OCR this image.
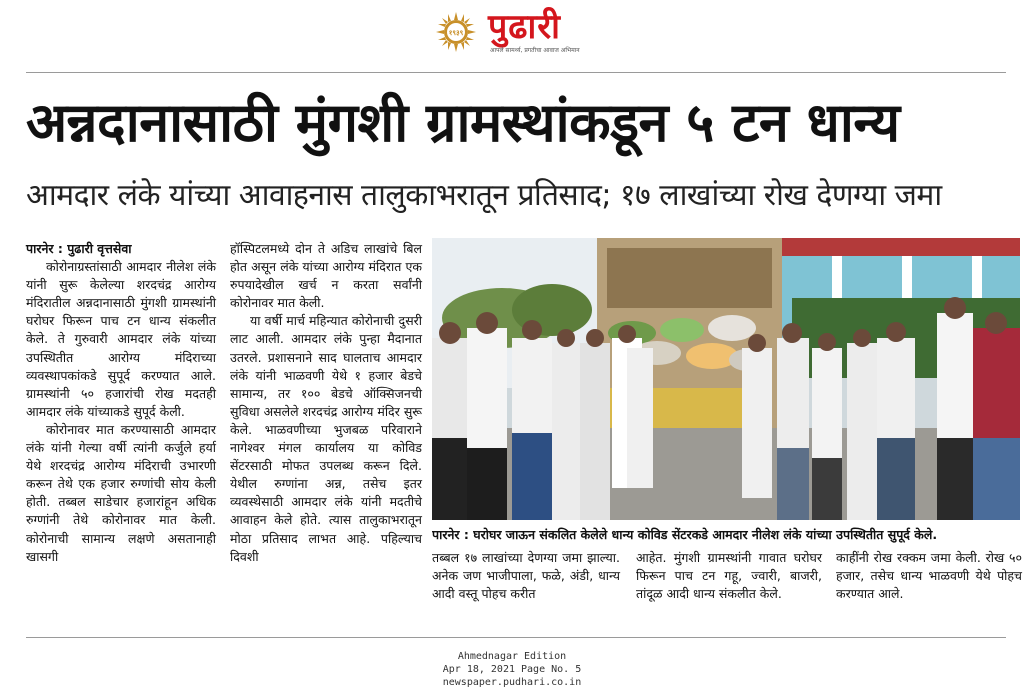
१९३९ पुढारी
आपले सामर्थ्य, प्रगतीचा आवाज अभिमान
अन्नदानासाठी मुंगशी ग्रामस्थांकडून ५ टन धान्य
आमदार लंके यांच्या आवाहनास तालुकाभरातून प्रतिसाद; १७ लाखांच्या रोख देणग्या जमा

पारनेर : पुढारी वृत्तसेवा

कोरोनाग्रस्तांसाठी आमदार नीलेश लंके यांनी सुरू केलेल्या शरदचंद्र आरोग्य मंदिरातील अन्नदानासाठी मुंगशी ग्रामस्थांनी घरोघर फिरून पाच टन धान्य संकलीत केले. ते गुरुवारी आमदार लंके यांच्या उपस्थितीत आरोग्य मंदिराच्या व्यवस्थापकांकडे सुपूर्द करण्यात आले. ग्रामस्थांनी ५० हजारांची रोख मदतही आमदार लंके यांच्याकडे सुपूर्द केली.

कोरोनावर मात करण्यासाठी आमदार लंके यांनी गेल्या वर्षी त्यांनी कर्जुले हर्या येथे शरदचंद्र आरोग्य मंदिराची उभारणी करून तेथे एक हजार रुग्णांची सोय केली होती. तब्बल साडेचार हजारांहून अधिक रुग्णांनी तेथे कोरोनावर मात केली. कोरोनाची सामान्य लक्षणे असतानाही खासगी

हॉस्पिटलमध्ये दोन ते अडिच लाखांचे बिल होत असून लंके यांच्या आरोग्य मंदिरात एक रुपयादेखील खर्च न करता सर्वांनी कोरोनावर मात केली.

या वर्षी मार्च महिन्यात कोरोनाची दुसरी लाट आली. आमदार लंके पुन्हा मैदानात उतरले. प्रशासनाने साद घालताच आमदार लंके यांनी भाळवणी येथे १ हजार बेडचे सामान्य, तर १०० बेडचे ऑक्सिजनची सुविधा असलेले शरदचंद्र आरोग्य मंदिर सुरू केले. भाळवणीच्या भुजबळ परिवाराने नागेश्वर मंगल कार्यालय या कोविड सेंटरसाठी मोफत उपलब्ध करून दिले. येथील रुग्णांना अन्न, तसेच इतर व्यवस्थेसाठी आमदार लंके यांनी मदतीचे आवाहन केले होते. त्यास तालुकाभरातून मोठा प्रतिसाद लाभत आहे. पहिल्याच दिवशी

पारनेर : घरोघर जाऊन संकलित केलेले धान्य कोविड सेंटरकडे आमदार नीलेश लंके यांच्या उपस्थितीत सुपूर्द केले.

तब्बल १७ लाखांच्या देणग्या जमा झाल्या. अनेक जण भाजीपाला, फळे, अंडी, धान्य आदी वस्तू पोहच करीत

आहेत. मुंगशी ग्रामस्थांनी गावात घरोघर फिरून पाच टन गहू, ज्वारी, बाजरी, तांदूळ आदी धान्य संकलीत केले.

काहींनी रोख रक्कम जमा केली. रोख ५० हजार, तसेच धान्य भाळवणी येथे पोहच करण्यात आले.

Ahmednagar Edition
Apr 18, 2021 Page No. 5
newspaper.pudhari.co.in
